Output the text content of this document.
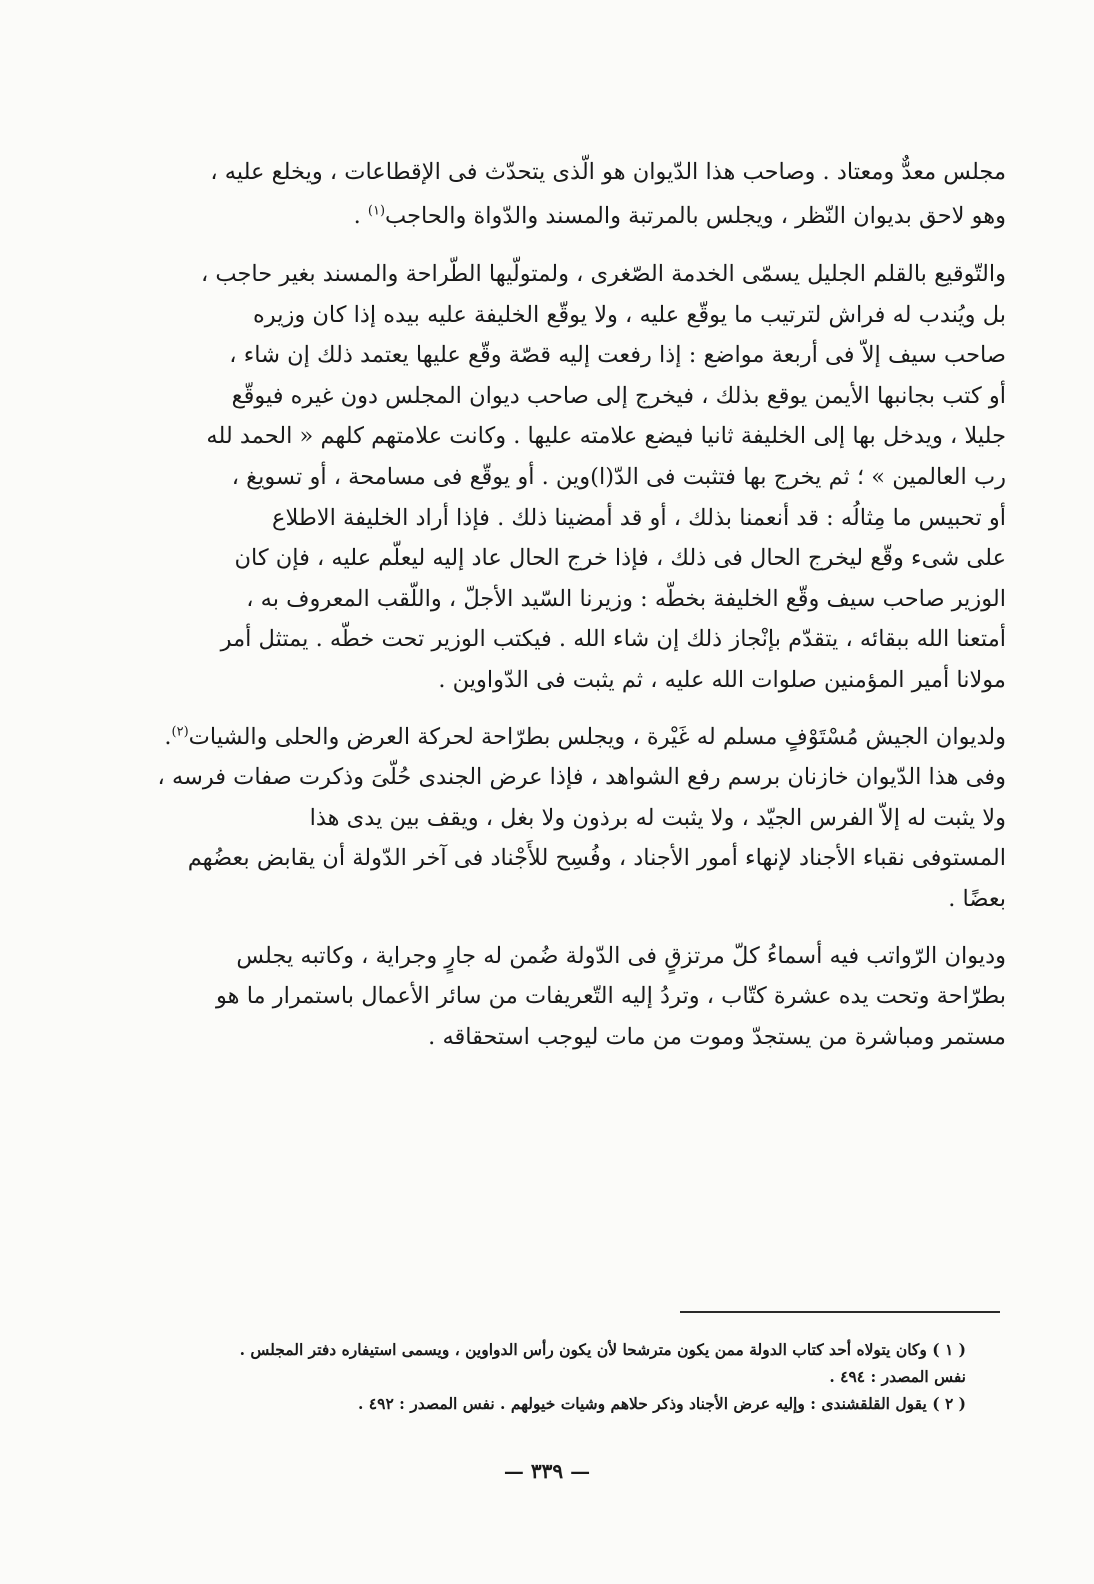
مجلس معدٌّ ومعتاد . وصاحب هذا الدّيوان هو الّذى يتحدّث فى الإقطاعات ، ويخلع عليه ،
وهو لاحق بديوان النّظر ، ويجلس بالمرتبة والمسند والدّواة والحاجب$^{(١)}$ .

والتّوقيع بالقلم الجليل يسمّى الخدمة الصّغرى ، ولمتولّيها الطّراحة والمسند بغير حاجب ،
بل ويُندب له فراش لترتيب ما يوقّع عليه ، ولا يوقّع الخليفة عليه بيده إذا كان وزيره
صاحب سيف إلاّ فى أربعة مواضع : إذا رفعت إليه قصّة وقّع عليها يعتمد ذلك إن شاء ،
أو كتب بجانبها الأيمن يوقع بذلك ، فيخرج إلى صاحب ديوان المجلس دون غيره فيوقّع
جليلا ، ويدخل بها إلى الخليفة ثانيا فيضع علامته عليها . وكانت علامتهم كلهم « الحمد لله
رب العالمين » ؛ ثم يخرج بها فتثبت فى الدّ(ا)وين . أو يوقّع فى مسامحة ، أو تسويغ ،
أو تحبيس ما مِثالُه : قد أنعمنا بذلك ، أو قد أمضينا ذلك . فإذا أراد الخليفة الاطلاع
على شىء وقّع ليخرج الحال فى ذلك ، فإذا خرج الحال عاد إليه ليعلّم عليه ، فإن كان
الوزير صاحب سيف وقّع الخليفة بخطّه : وزيرنا السّيد الأجلّ ، واللّقب المعروف به ،
أمتعنا الله ببقائه ، يتقدّم بإنْجاز ذلك إن شاء الله . فيكتب الوزير تحت خطّه . يمتثل أمر
مولانا أمير المؤمنين صلوات الله عليه ، ثم يثبت فى الدّواوين .

ولديوان الجيش مُسْتَوْفٍ مسلم له غَيْرة ، ويجلس بطرّاحة لحركة العرض والحلى والشيات$^{(٢)}$.
وفى هذا الدّيوان خازنان برسم رفع الشواهد ، فإذا عرض الجندى حُلّىَ وذكرت صفات فرسه ،
ولا يثبت له إلاّ الفرس الجيّد ، ولا يثبت له برذون ولا بغل ، ويقف بين يدى هذا
المستوفى نقباء الأجناد لإنهاء أمور الأجناد ، وفُسِح للأَجْناد فى آخر الدّولة أن يقابض بعضُهم
بعضًا .

وديوان الرّواتب فيه أسماءُ كلّ مرتزقٍ فى الدّولة ضُمن له جارٍ وجراية ، وكاتبه يجلس
بطرّاحة وتحت يده عشرة كتّاب ، وتردُ إليه التّعريفات من سائر الأعمال باستمرار ما هو
مستمر ومباشرة من يستجدّ وموت من مات ليوجب استحقاقه .

( ١ ) وكان يتولاه أحد كتاب الدولة ممن يكون مترشحا لأن يكون رأس الدواوين ، ويسمى استيفاره دفتر المجلس .
نفس المصدر : ٤٩٤ .

( ٢ ) يقول القلقشندى : وإليه عرض الأجناد وذكر حلاهم وشيات خيولهم . نفس المصدر : ٤٩٢ .

— ٣٣٩ —
